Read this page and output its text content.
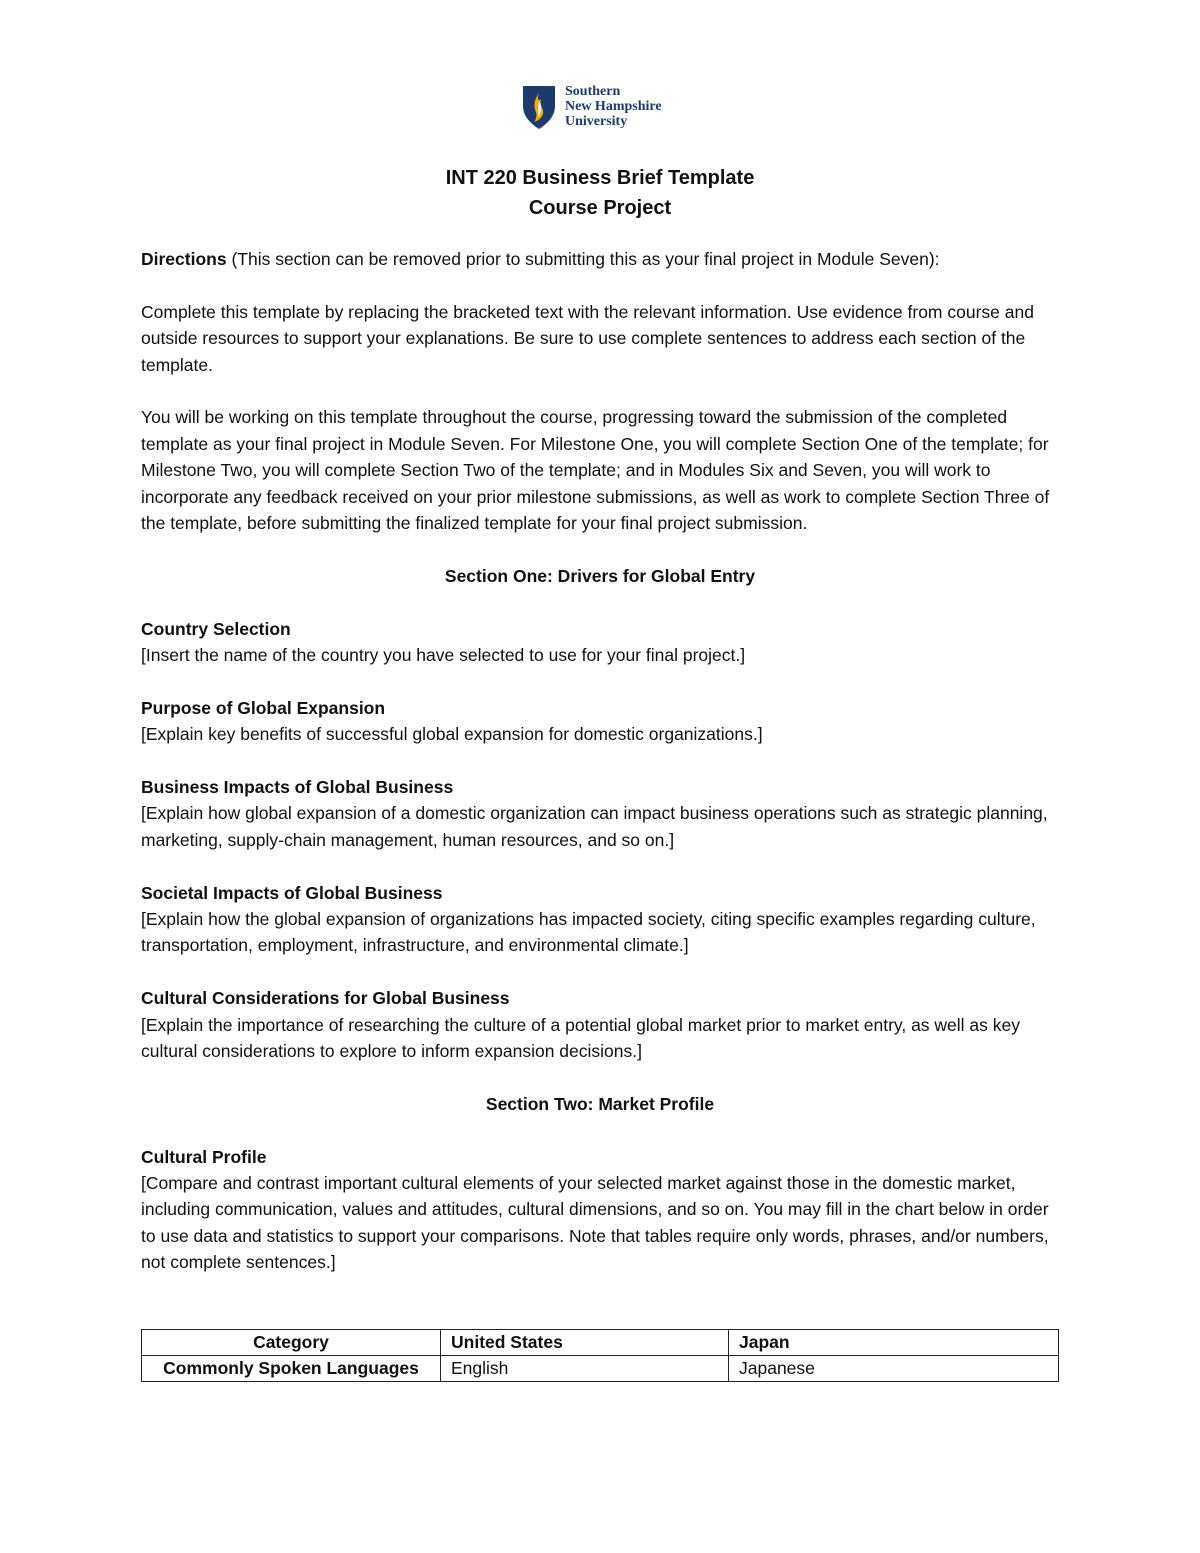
Southern
New Hampshire
University
INT 220 Business Brief Template
Course Project

Directions (This section can be removed prior to submitting this as your final project in Module Seven):

Complete this template by replacing the bracketed text with the relevant information. Use evidence from course and outside resources to support your explanations. Be sure to use complete sentences to address each section of the template.

You will be working on this template throughout the course, progressing toward the submission of the completed template as your final project in Module Seven. For Milestone One, you will complete Section One of the template; for Milestone Two, you will complete Section Two of the template; and in Modules Six and Seven, you will work to incorporate any feedback received on your prior milestone submissions, as well as work to complete Section Three of the template, before submitting the finalized template for your final project submission.

Section One: Drivers for Global Entry
Country Selection
[Insert the name of the country you have selected to use for your final project.]
Purpose of Global Expansion
[Explain key benefits of successful global expansion for domestic organizations.]
Business Impacts of Global Business
[Explain how global expansion of a domestic organization can impact business operations such as strategic planning, marketing, supply-chain management, human resources, and so on.]
Societal Impacts of Global Business
[Explain how the global expansion of organizations has impacted society, citing specific examples regarding culture, transportation, employment, infrastructure, and environmental climate.]
Cultural Considerations for Global Business
[Explain the importance of researching the culture of a potential global market prior to market entry, as well as key cultural considerations to explore to inform expansion decisions.]
Section Two: Market Profile
Cultural Profile
[Compare and contrast important cultural elements of your selected market against those in the domestic market, including communication, values and attitudes, cultural dimensions, and so on. You may fill in the chart below in order to use data and statistics to support your comparisons. Note that tables require only words, phrases, and/or numbers, not complete sentences.]
Category	United States	Japan
Commonly Spoken Languages	English	Japanese
